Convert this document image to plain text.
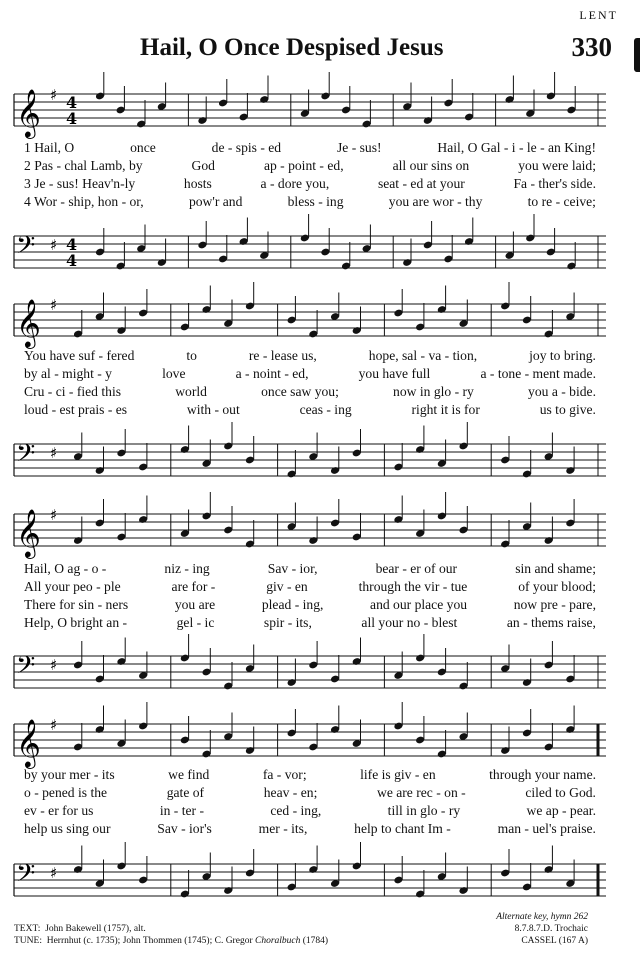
LENT
Hail, O Once Despised Jesus	330
𝄞 ♯ 4
4
1 Hail, O	once	de - spis - ed	Je - sus!	Hail, O Gal - i - le - an King!
2 Pas - chal Lamb, by	God	ap - point - ed,	all our sins on	you were laid;
3 Je - sus! Heav'n-ly	hosts	a - dore you,	seat - ed at your	Fa - ther's side.
4 Wor - ship, hon - or,	pow'r and	bless - ing	you are wor - thy	to re - ceive;
𝄢 ♯ 4
4
𝄞 ♯
You have suf - fered	to	re - lease us,	hope, sal - va - tion,	joy to bring.
by al - might - y	love	a - noint - ed,	you have full	a - tone - ment made.
Cru - ci - fied this	world	once saw you;	now in glo - ry	you a - bide.
loud - est prais - es	with - out	ceas - ing	right it is for	us to give.
𝄢 ♯
𝄞 ♯
Hail, O ag - o -	niz - ing	Sav - ior,	bear - er of our	sin and shame;
All your peo - ple	are for -	giv - en	through the vir - tue	of your blood;
There for sin - ners	you are	plead - ing,	and our place you	now pre - pare,
Help, O bright an -	gel - ic	spir - its,	all your no - blest	an - thems raise,
𝄢 ♯
𝄞 ♯
by your mer - its	we find	fa - vor;	life is giv - en	through your name.
o - pened is the	gate of	heav - en;	we are rec - on -	ciled to God.
ev - er for us	in - ter -	ced - ing,	till in glo - ry	we ap - pear.
help us sing our	Sav - ior's	mer - its,	help to chant Im -	man - uel's praise.
𝄢 ♯
TEXT: John Bakewell (1757), alt.
TUNE: Herrnhut (c. 1735); John Thommen (1745); C. Gregor Choralbuch (1784)
Alternate key, hymn 262
8.7.8.7.D. Trochaic
CASSEL (167 A)
